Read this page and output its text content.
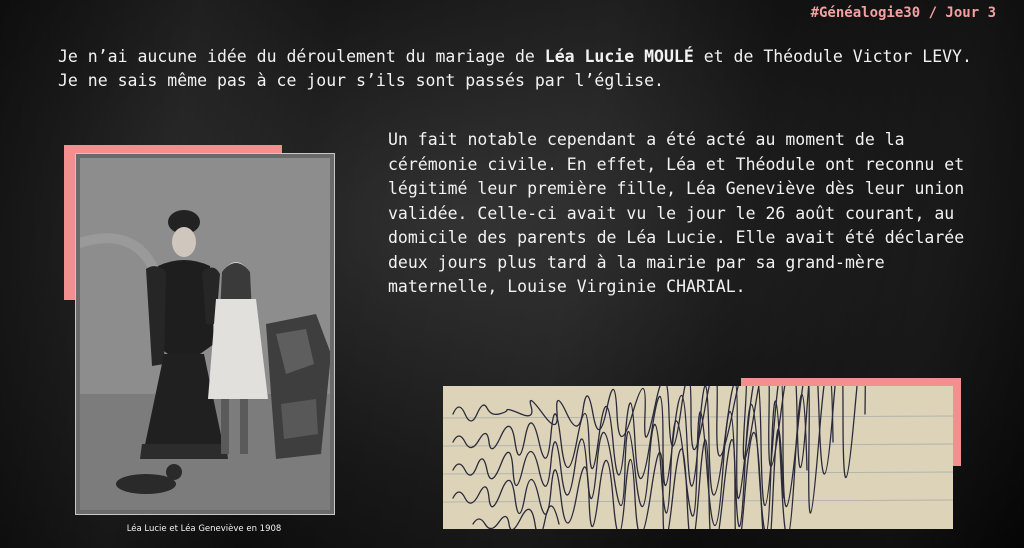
#Généalogie30 / Jour 3

Je n’ai aucune idée du déroulement du mariage de Léa Lucie MOULÉ et de Théodule Victor LEVY. Je ne sais même pas à ce jour s’ils sont passés par l’église.

Un fait notable cependant a été acté au moment de la cérémonie civile. En effet, Léa et Théodule ont reconnu et légitimé leur première fille, Léa Geneviève dès leur union validée. Celle-ci avait vu le jour le 26 août courant, au domicile des parents de Léa Lucie. Elle avait été déclarée deux jours plus tard à la mairie par sa grand-mère maternelle, Louise Virginie CHARIAL.

Léa Lucie et Léa Geneviève en 1908
